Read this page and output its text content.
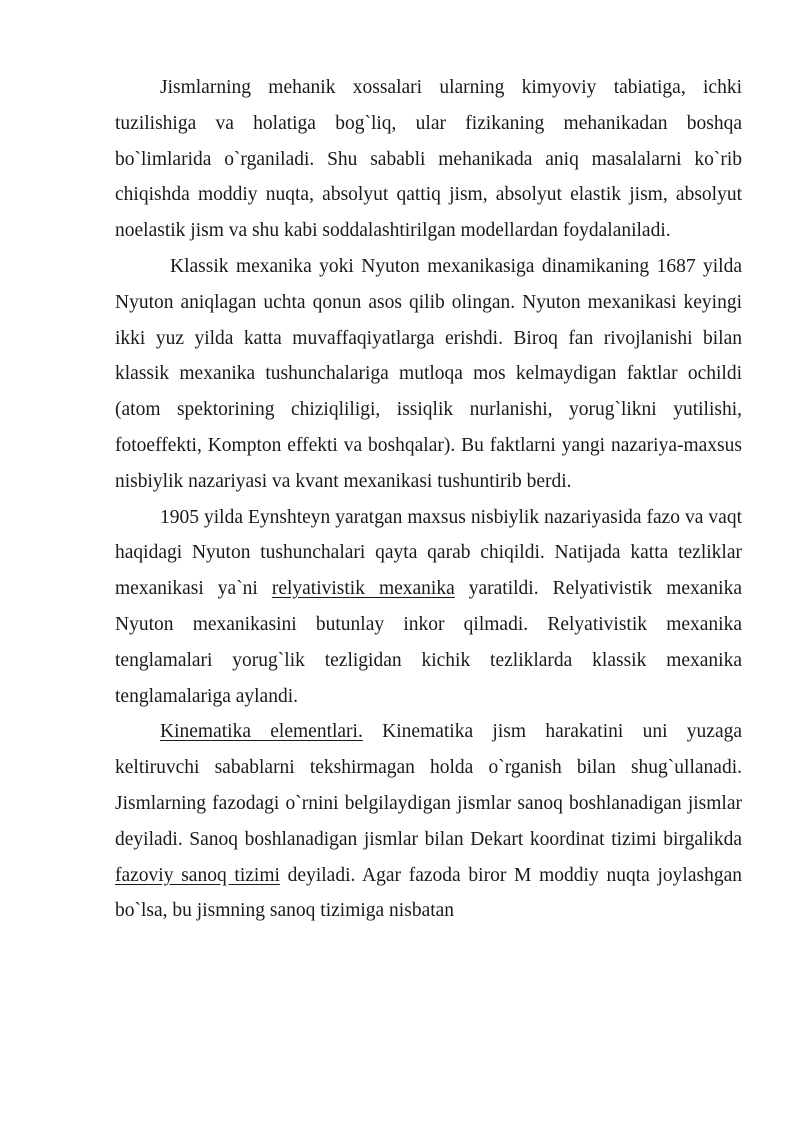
Jismlarning mehanik xossalari ularning kimyoviy tabiatiga, ichki tuzilishiga va holatiga bog`liq, ular fizikaning mehanikadan boshqa bo`limlarida o`rganiladi. Shu sababli mehanikada aniq masalalarni ko`rib chiqishda moddiy nuqta, absolyut qattiq jism, absolyut elastik jism, absolyut noelastik jism va shu kabi soddalashtirilgan modellardan foydalaniladi.

Klassik mexanika yoki Nyuton mexanikasiga dinamikaning 1687 yilda Nyuton aniqlagan uchta qonun asos qilib olingan. Nyuton mexanikasi keyingi ikki yuz yilda katta muvaffaqiyatlarga erishdi. Biroq fan rivojlanishi bilan klassik mexanika tushunchalariga mutloqa mos kelmaydigan faktlar ochildi (atom spektorining chiziqliligi, issiqlik nurlanishi, yorug`likni yutilishi, fotoeffekti, Kompton effekti va boshqalar). Bu faktlarni yangi nazariya-maxsus nisbiylik nazariyasi va kvant mexanikasi tushuntirib berdi.

1905 yilda Eynshteyn yaratgan maxsus nisbiylik nazariyasida fazo va vaqt haqidagi Nyuton tushunchalari qayta qarab chiqildi. Natijada katta tezliklar mexanikasi ya`ni relyativistik mexanika yaratildi. Relyativistik mexanika Nyuton mexanikasini butunlay inkor qilmadi. Relyativistik mexanika tenglamalari yorug`lik tezligidan kichik tezliklarda klassik mexanika tenglamalariga aylandi.

Kinematika elementlari. Kinematika jism harakatini uni yuzaga keltiruvchi sabablarni tekshirmagan holda o`rganish bilan shug`ullanadi. Jismlarning fazodagi o`rnini belgilaydigan jismlar sanoq boshlanadigan jismlar deyiladi. Sanoq boshlanadigan jismlar bilan Dekart koordinat tizimi birgalikda fazoviy sanoq tizimi deyiladi. Agar fazoda biror M moddiy nuqta joylashgan bo`lsa, bu jismning sanoq tizimiga nisbatan
